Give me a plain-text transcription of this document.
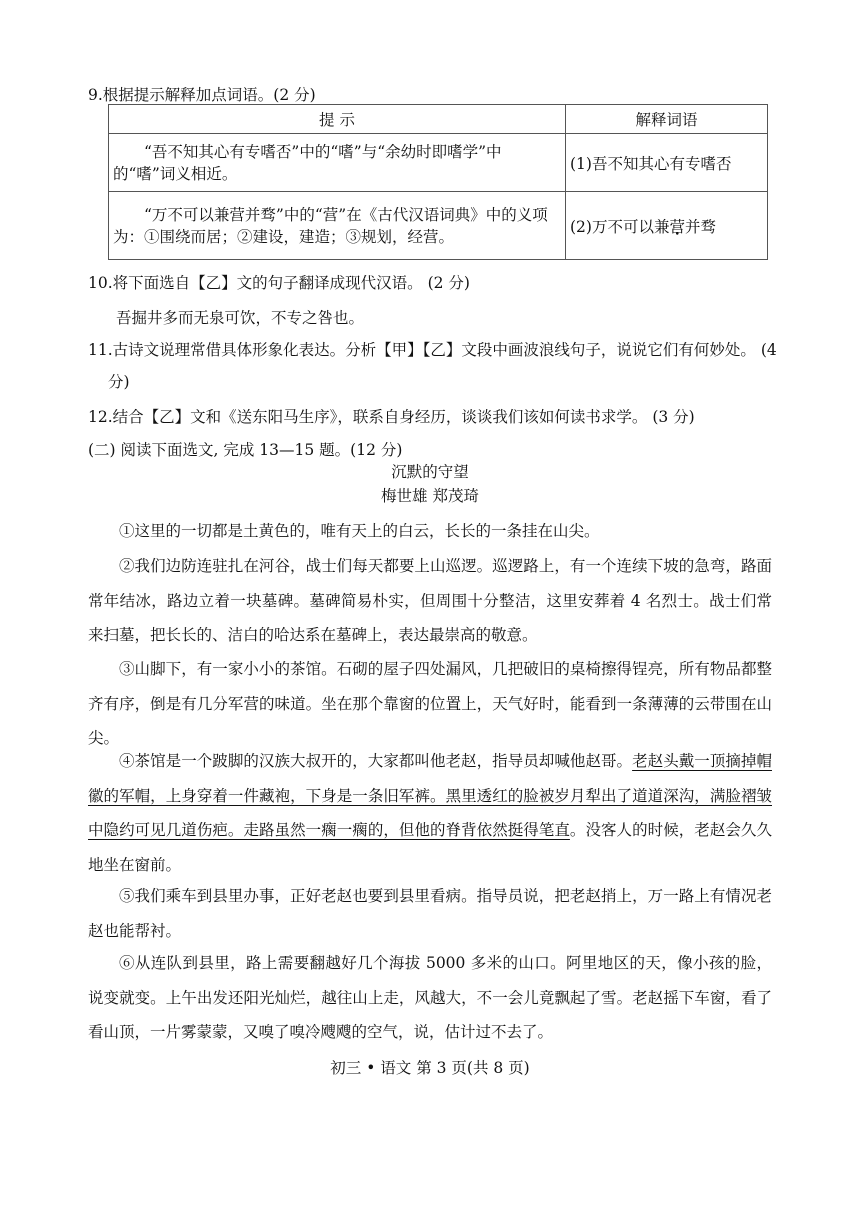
9.根据提示解释加点词语。(2 分)
提 示	解释词语

“吾不知其心有专嗜否”中的“嗜”与“余幼时即嗜学”中的“嗜”词义相近。	(1)吾不知其心有专嗜否

“万不可以兼营并骛”中的“营”在《古代汉语词典》中的义项为：①围绕而居；②建设，建造；③规划，经营。	(2)万不可以兼营并骛
10.将下面选自【乙】文的句子翻译成现代汉语。 (2 分)
吾掘井多而无泉可饮，不专之咎也。
11.古诗文说理常借具体形象化表达。分析【甲】【乙】文段中画波浪线句子，说说它们有何妙处。 (4 分)
12.结合【乙】文和《送东阳马生序》，联系自身经历，谈谈我们该如何读书求学。 (3 分)
(二) 阅读下面选文, 完成 13—15 题。(12 分)
沉默的守望
梅世雄 郑茂琦
①这里的一切都是土黄色的，唯有天上的白云，长长的一条挂在山尖。
②我们边防连驻扎在河谷，战士们每天都要上山巡逻。巡逻路上，有一个连续下坡的急弯，路面常年结冰，路边立着一块墓碑。墓碑简易朴实，但周围十分整洁，这里安葬着 4 名烈士。战士们常来扫墓，把长长的、洁白的哈达系在墓碑上，表达最崇高的敬意。
③山脚下，有一家小小的茶馆。石砌的屋子四处漏风，几把破旧的桌椅擦得锃亮，所有物品都整齐有序，倒是有几分军营的味道。坐在那个靠窗的位置上，天气好时，能看到一条薄薄的云带围在山尖。
④茶馆是一个跛脚的汉族大叔开的，大家都叫他老赵，指导员却喊他赵哥。老赵头戴一顶摘掉帽徽的军帽，上身穿着一件藏袍，下身是一条旧军裤。黑里透红的脸被岁月犁出了道道深沟，满脸褶皱中隐约可见几道伤疤。走路虽然一瘸一瘸的，但他的脊背依然挺得笔直。没客人的时候，老赵会久久地坐在窗前。
⑤我们乘车到县里办事，正好老赵也要到县里看病。指导员说，把老赵捎上，万一路上有情况老赵也能帮衬。
⑥从连队到县里，路上需要翻越好几个海拔 5000 多米的山口。阿里地区的天，像小孩的脸，说变就变。上午出发还阳光灿烂，越往山上走，风越大，不一会儿竟飘起了雪。老赵摇下车窗，看了看山顶，一片雾蒙蒙，又嗅了嗅冷飕飕的空气，说，估计过不去了。
初三 • 语文 第 3 页(共 8 页)
